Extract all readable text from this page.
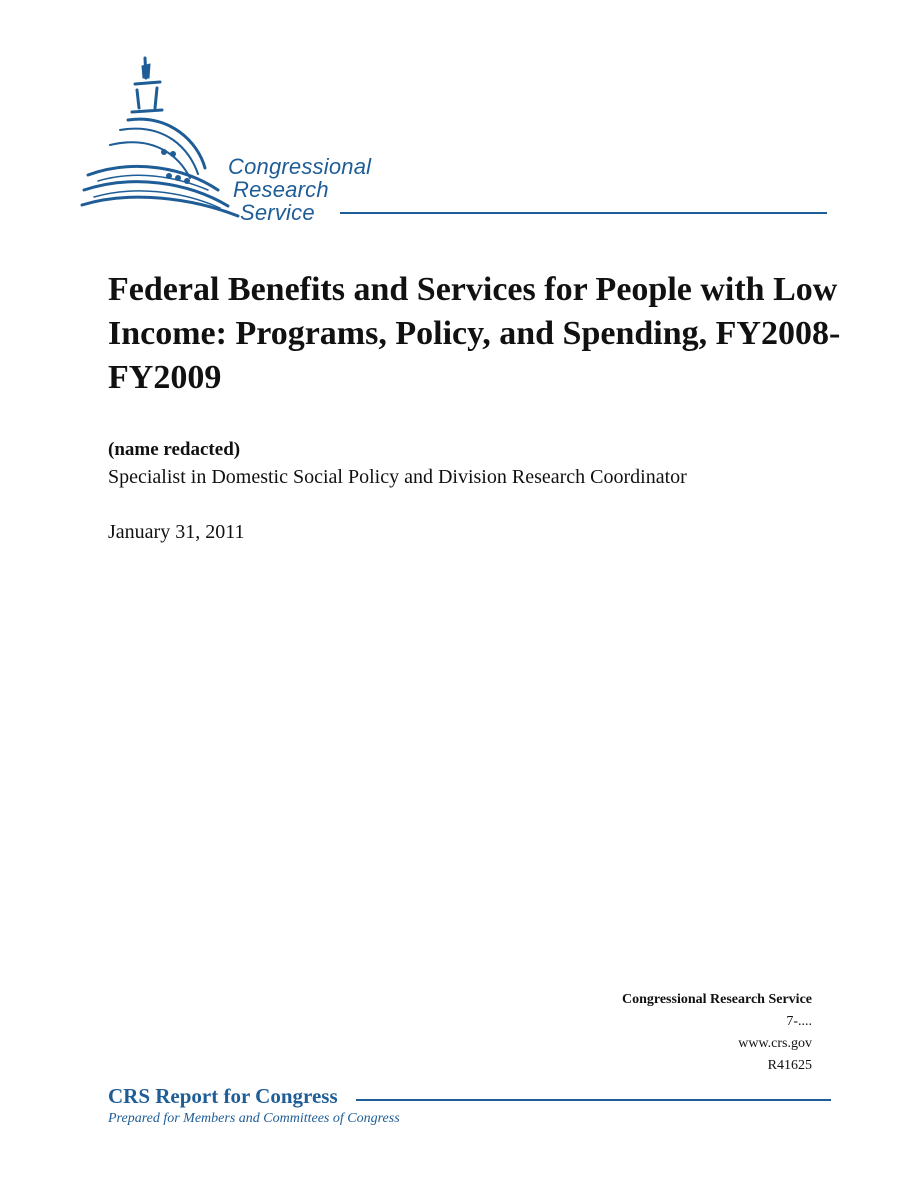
Congressional
Research
Service
Federal Benefits and Services for People with Low Income: Programs, Policy, and Spending, FY2008-FY2009
(name redacted)
Specialist in Domestic Social Policy and Division Research Coordinator
January 31, 2011
Congressional Research Service
7-....
www.crs.gov
R41625
CRS Report for Congress
Prepared for Members and Committees of Congress
